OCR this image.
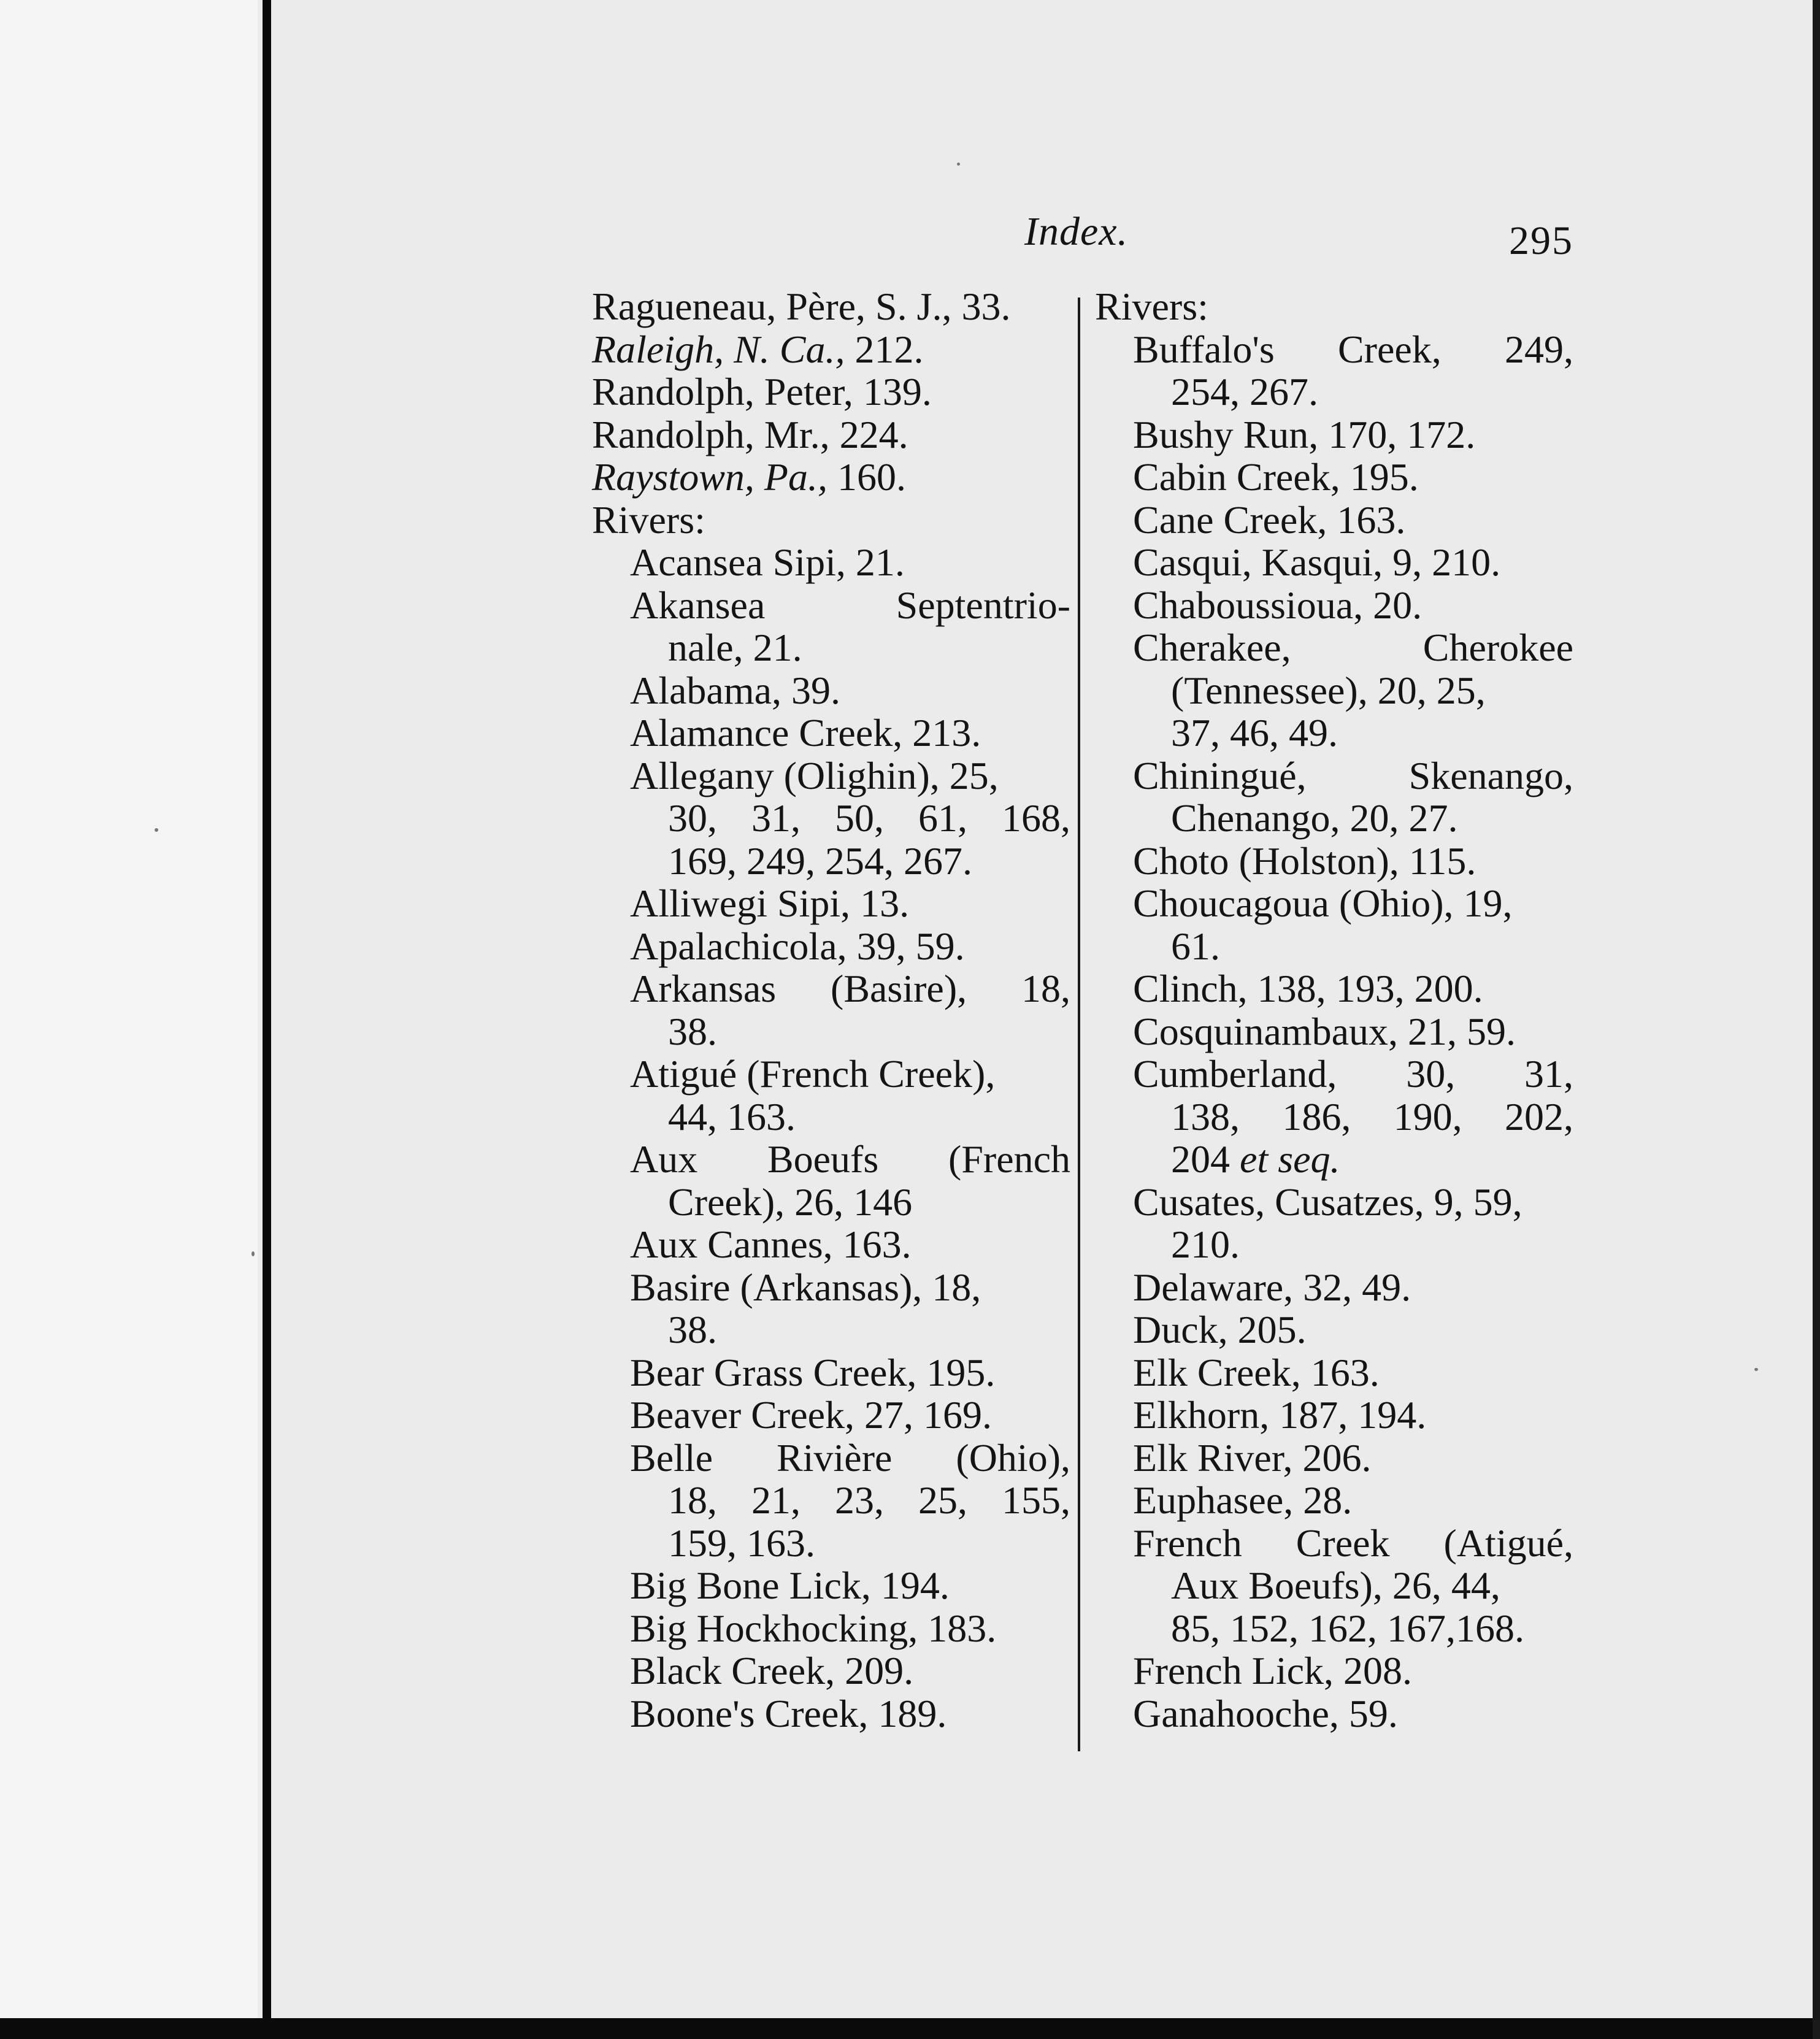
Index.	295
Ragueneau, Père, S. J., 33.
Raleigh, N. Ca., 212.
Randolph, Peter, 139.
Randolph, Mr., 224.
Raystown, Pa., 160.
Rivers:
Acansea Sipi, 21.
Akansea	Septentrio-
nale, 21.
Alabama, 39.
Alamance Creek, 213.
Allegany (Olighin), 25,
30, 31, 50, 61, 168,
169, 249, 254, 267.
Alliwegi Sipi, 13.
Apalachicola, 39, 59.
Arkansas (Basire), 18,
38.
Atigué (French Creek),
44, 163.
Aux Boeufs (French
Creek), 26, 146
Aux Cannes, 163.
Basire (Arkansas), 18,
38.
Bear Grass Creek, 195.
Beaver Creek, 27, 169.
Belle Rivière (Ohio),
18, 21, 23, 25, 155,
159, 163.
Big Bone Lick, 194.
Big Hockhocking, 183.
Black Creek, 209.
Boone's Creek, 189.
Rivers:
Buffalo's Creek, 249,
254, 267.
Bushy Run, 170, 172.
Cabin Creek, 195.
Cane Creek, 163.
Casqui, Kasqui, 9, 210.
Chaboussioua, 20.
Cherakee,	Cherokee
(Tennessee), 20, 25,
37, 46, 49.
Chiningué,	Skenango,
Chenango, 20, 27.
Choto (Holston), 115.
Choucagoua (Ohio), 19,
61.
Clinch, 138, 193, 200.
Cosquinambaux, 21, 59.
Cumberland, 30, 31,
138, 186, 190, 202,
204 et seq.
Cusates, Cusatzes, 9, 59,
210.
Delaware, 32, 49.
Duck, 205.
Elk Creek, 163.
Elkhorn, 187, 194.
Elk River, 206.
Euphasee, 28.
French Creek (Atigué,
Aux Boeufs), 26, 44,
85, 152, 162, 167,168.
French Lick, 208.
Ganahooche, 59.
